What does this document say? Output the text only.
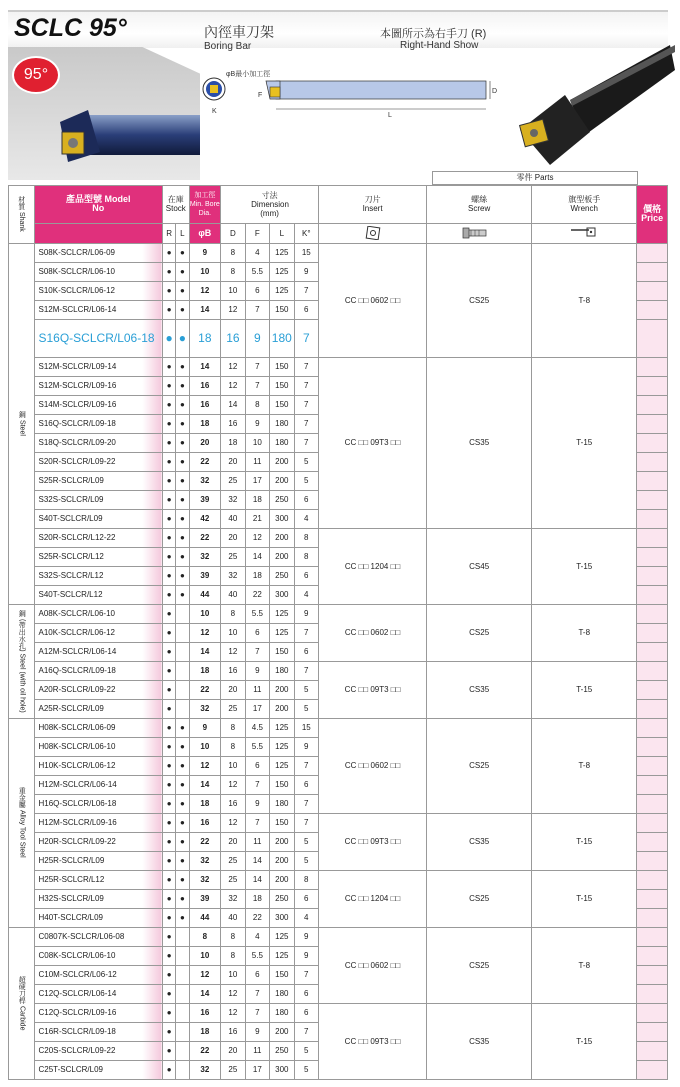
SCLC 95°	內徑車刀架
Boring Bar
本圖所示為右手刀 (R)
Right-Hand Show
95°	φB最小加工徑
F
D
L
K
零件 Parts

材質 Shank	產品型號 Model No	在庫 Stock		加工徑 Min. Bore Dia.	寸法 Dimension (mm)				刀片 Insert	螺絲 Screw	旗型板手 Wrench	價格 Price
		R	L	φB	D	F	L	K°	

鋼 Steel	S08K-SCLCR/L06-09	●	●	9	8	4	125	15	CC □□ 0602 □□	CS25	T-8	
	S08K-SCLCR/L06-10	●	●	10	8	5.5	125	9				
	S10K-SCLCR/L06-12	●	●	12	10	6	125	7				
	S12M-SCLCR/L06-14	●	●	14	12	7	150	6				
	S16Q-SCLCR/L06-18	●	●	18	16	9	180	7				
	S12M-SCLCR/L09-14	●	●	14	12	7	150	7	CC □□ 09T3 □□	CS35	T-15	
	S12M-SCLCR/L09-16	●	●	16	12	7	150	7				
	S14M-SCLCR/L09-16	●	●	16	14	8	150	7				
	S16Q-SCLCR/L09-18	●	●	18	16	9	180	7				
	S18Q-SCLCR/L09-20	●	●	20	18	10	180	7				
	S20R-SCLCR/L09-22	●	●	22	20	11	200	5				
	S25R-SCLCR/L09	●	●	32	25	17	200	5				
	S32S-SCLCR/L09	●	●	39	32	18	250	6				
	S40T-SCLCR/L09	●	●	42	40	21	300	4				
	S20R-SCLCR/L12-22	●	●	22	20	12	200	8	CC □□ 1204 □□	CS45	T-15	
	S25R-SCLCR/L12	●	●	32	25	14	200	8				
	S32S-SCLCR/L12	●	●	39	32	18	250	6				
	S40T-SCLCR/L12	●	●	44	40	22	300	4				
鋼 (帶出水孔) Steel (with oil hole)	A08K-SCLCR/L06-10	●		10	8	5.5	125	9	CC □□ 0602 □□	CS25	T-8	
	A10K-SCLCR/L06-12	●		12	10	6	125	7				
	A12M-SCLCR/L06-14	●		14	12	7	150	6				
	A16Q-SCLCR/L09-18	●		18	16	9	180	7	CC □□ 09T3 □□	CS35	T-15	
	A20R-SCLCR/L09-22	●		22	20	11	200	5				
	A25R-SCLCR/L09	●		32	25	17	200	5				
重金屬 Alloy Tool Steel	H08K-SCLCR/L06-09	●	●	9	8	4.5	125	15	CC □□ 0602 □□	CS25	T-8	
	H08K-SCLCR/L06-10	●	●	10	8	5.5	125	9				
	H10K-SCLCR/L06-12	●	●	12	10	6	125	7				
	H12M-SCLCR/L06-14	●	●	14	12	7	150	6				
	H16Q-SCLCR/L06-18	●	●	18	16	9	180	7				
	H12M-SCLCR/L09-16	●	●	16	12	7	150	7	CC □□ 09T3 □□	CS35	T-15	
	H20R-SCLCR/L09-22	●	●	22	20	11	200	5				
	H25R-SCLCR/L09	●	●	32	25	14	200	5				
	H25R-SCLCR/L12	●	●	32	25	14	200	8	CC □□ 1204 □□	CS25	T-15	
	H32S-SCLCR/L09	●	●	39	32	18	250	6				
	H40T-SCLCR/L09	●	●	44	40	22	300	4				
超硬刀桿 Carbide	C0807K-SCLCR/L06-08	●		8	8	4	125	9	CC □□ 0602 □□	CS25	T-8	
	C08K-SCLCR/L06-10	●		10	8	5.5	125	9				
	C10M-SCLCR/L06-12	●		12	10	6	150	7				
	C12Q-SCLCR/L06-14	●		14	12	7	180	6				
	C12Q-SCLCR/L09-16	●		16	12	7	180	6	CC □□ 09T3 □□	CS35	T-15	
	C16R-SCLCR/L09-18	●		18	16	9	200	7				
	C20S-SCLCR/L09-22	●		22	20	11	250	5				
	C25T-SCLCR/L09	●		32	25	17	300	5				
